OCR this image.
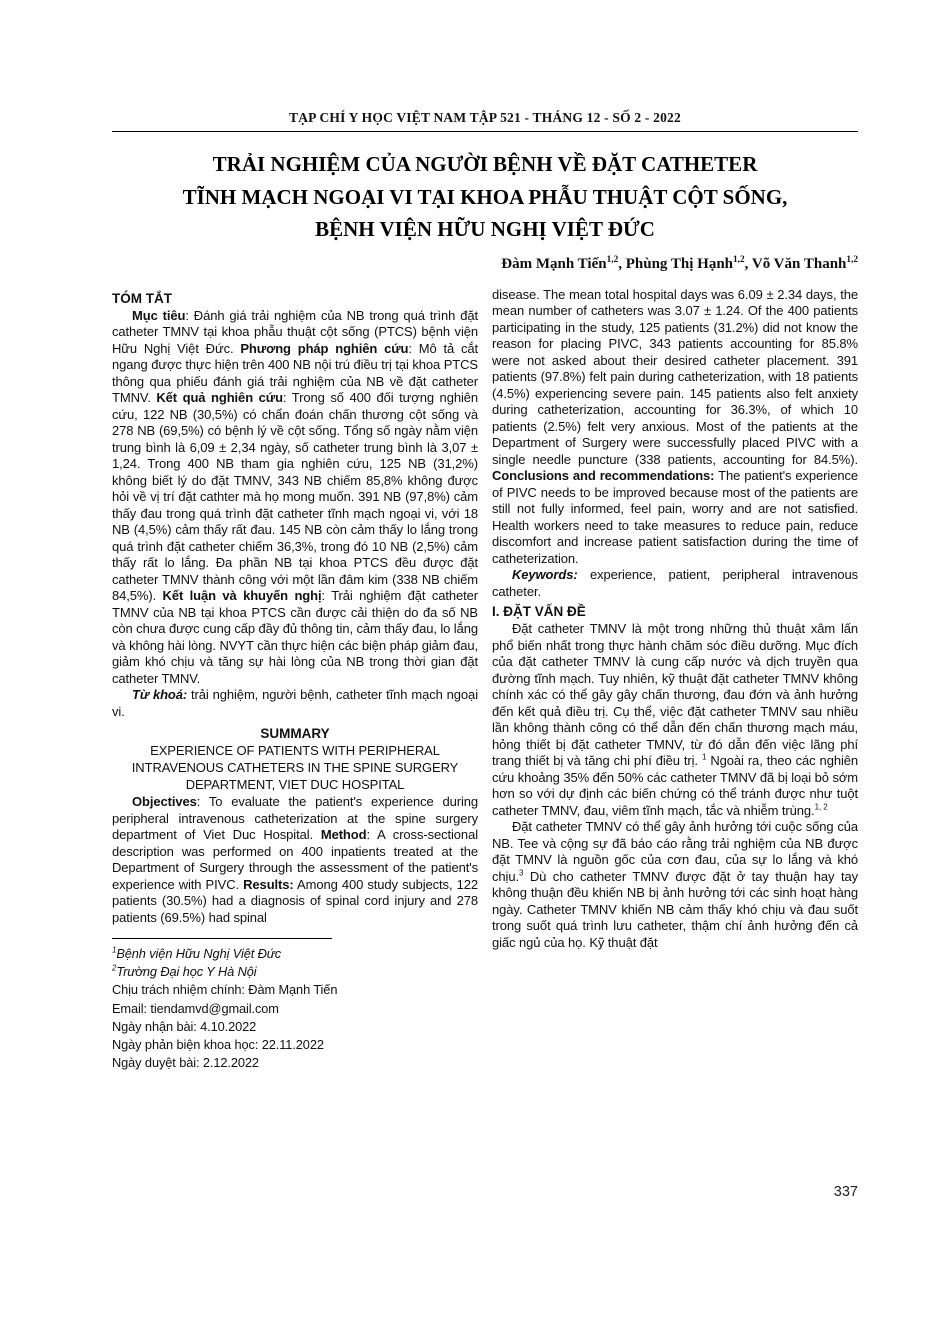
TẠP CHÍ Y HỌC VIỆT NAM TẬP 521 - THÁNG 12 - SỐ 2 - 2022
TRẢI NGHIỆM CỦA NGƯỜI BỆNH VỀ ĐẶT CATHETER
TĨNH MẠCH NGOẠI VI TẠI KHOA PHẪU THUẬT CỘT SỐNG,
BỆNH VIỆN HỮU NGHỊ VIỆT ĐỨC
Đàm Mạnh Tiến$^{1,2}$, Phùng Thị Hạnh$^{1,2}$, Võ Văn Thanh$^{1,2}$
TÓM TẮT

Mục tiêu: Đánh giá trải nghiệm của NB trong quá trình đặt catheter TMNV tại khoa phẫu thuật cột sống (PTCS) bệnh viện Hữu Nghị Việt Đức. Phương pháp nghiên cứu: Mô tả cắt ngang được thực hiện trên 400 NB nội trú điều trị tại khoa PTCS thông qua phiếu đánh giá trải nghiệm của NB về đặt catheter TMNV. Kết quả nghiên cứu: Trong số 400 đối tượng nghiên cứu, 122 NB (30,5%) có chẩn đoán chấn thương cột sống và 278 NB (69,5%) có bệnh lý về cột sống. Tổng số ngày nằm viện trung bình là 6,09 ± 2,34 ngày, số catheter trung bình là 3,07 ± 1,24. Trong 400 NB tham gia nghiên cứu, 125 NB (31,2%) không biết lý do đặt TMNV, 343 NB chiếm 85,8% không được hỏi về vị trí đặt cathter mà họ mong muốn. 391 NB (97,8%) cảm thấy đau trong quá trình đặt catheter tĩnh mạch ngoại vi, với 18 NB (4,5%) cảm thấy rất đau. 145 NB còn cảm thấy lo lắng trong quá trình đặt catheter chiếm 36,3%, trong đó 10 NB (2,5%) cảm thấy rất lo lắng. Đa phần NB tại khoa PTCS đều được đặt catheter TMNV thành công với một lần đâm kim (338 NB chiếm 84,5%). Kết luận và khuyến nghị: Trải nghiệm đặt catheter TMNV của NB tại khoa PTCS cần được cải thiện do đa số NB còn chưa được cung cấp đầy đủ thông tin, cảm thấy đau, lo lắng và không hài lòng. NVYT cần thực hiện các biện pháp giảm đau, giảm khó chịu và tăng sự hài lòng của NB trong thời gian đặt catheter TMNV.

Từ khoá: trải nghiệm, người bệnh, catheter tĩnh mạch ngoại vi.

SUMMARY
EXPERIENCE OF PATIENTS WITH PERIPHERAL INTRAVENOUS CATHETERS IN THE SPINE SURGERY DEPARTMENT, VIET DUC HOSPITAL

Objectives: To evaluate the patient's experience during peripheral intravenous catheterization at the spine surgery department of Viet Duc Hospital. Method: A cross-sectional description was performed on 400 inpatients treated at the Department of Surgery through the assessment of the patient's experience with PIVC. Results: Among 400 study subjects, 122 patients (30.5%) had a diagnosis of spinal cord injury and 278 patients (69.5%) had spinal

$^1$Bệnh viện Hữu Nghị Việt Đức
$^2$Trường Đại học Y Hà Nội
Chịu trách nhiệm chính: Đàm Mạnh Tiến
Email: tiendamvd@gmail.com
Ngày nhận bài: 4.10.2022
Ngày phản biện khoa học: 22.11.2022
Ngày duyệt bài: 2.12.2022

disease. The mean total hospital days was 6.09 ± 2.34 days, the mean number of catheters was 3.07 ± 1.24. Of the 400 patients participating in the study, 125 patients (31.2%) did not know the reason for placing PIVC, 343 patients accounting for 85.8% were not asked about their desired catheter placement. 391 patients (97.8%) felt pain during catheterization, with 18 patients (4.5%) experiencing severe pain. 145 patients also felt anxiety during catheterization, accounting for 36.3%, of which 10 patients (2.5%) felt very anxious. Most of the patients at the Department of Surgery were successfully placed PIVC with a single needle puncture (338 patients, accounting for 84.5%). Conclusions and recommendations: The patient's experience of PIVC needs to be improved because most of the patients are still not fully informed, feel pain, worry and are not satisfied. Health workers need to take measures to reduce pain, reduce discomfort and increase patient satisfaction during the time of catheterization.

Keywords: experience, patient, peripheral intravenous catheter.

I. ĐẶT VẤN ĐỀ

Đặt catheter TMNV là một trong những thủ thuật xâm lấn phổ biến nhất trong thực hành chăm sóc điều dưỡng. Mục đích của đặt catheter TMNV là cung cấp nước và dịch truyền qua đường tĩnh mạch. Tuy nhiên, kỹ thuật đặt catheter TMNV không chính xác có thể gây gây chấn thương, đau đớn và ảnh hưởng đến kết quả điều trị. Cụ thể, việc đặt catheter TMNV sau nhiều lần không thành công có thể dẫn đến chấn thương mạch máu, hỏng thiết bị đặt catheter TMNV, từ đó dẫn đến việc lãng phí trang thiết bị và tăng chi phí điều trị. $^1$ Ngoài ra, theo các nghiên cứu khoảng 35% đến 50% các catheter TMNV đã bị loại bỏ sớm hơn so với dự định các biến chứng có thể tránh được như tuột catheter TMNV, đau, viêm tĩnh mạch, tắc và nhiễm trùng.$^{1, 2}$

Đặt catheter TMNV có thể gây ảnh hưởng tới cuộc sống của NB. Tee và cộng sự đã báo cáo rằng trải nghiệm của NB được đặt TMNV là nguồn gốc của cơn đau, của sự lo lắng và khó chịu.$^3$ Dù cho catheter TMNV được đặt ở tay thuận hay tay không thuận đều khiến NB bị ảnh hưởng tới các sinh hoạt hàng ngày. Catheter TMNV khiến NB cảm thấy khó chịu và đau suốt trong suốt quá trình lưu catheter, thậm chí ảnh hưởng đến cả giấc ngủ của họ. Kỹ thuật đặt

337
